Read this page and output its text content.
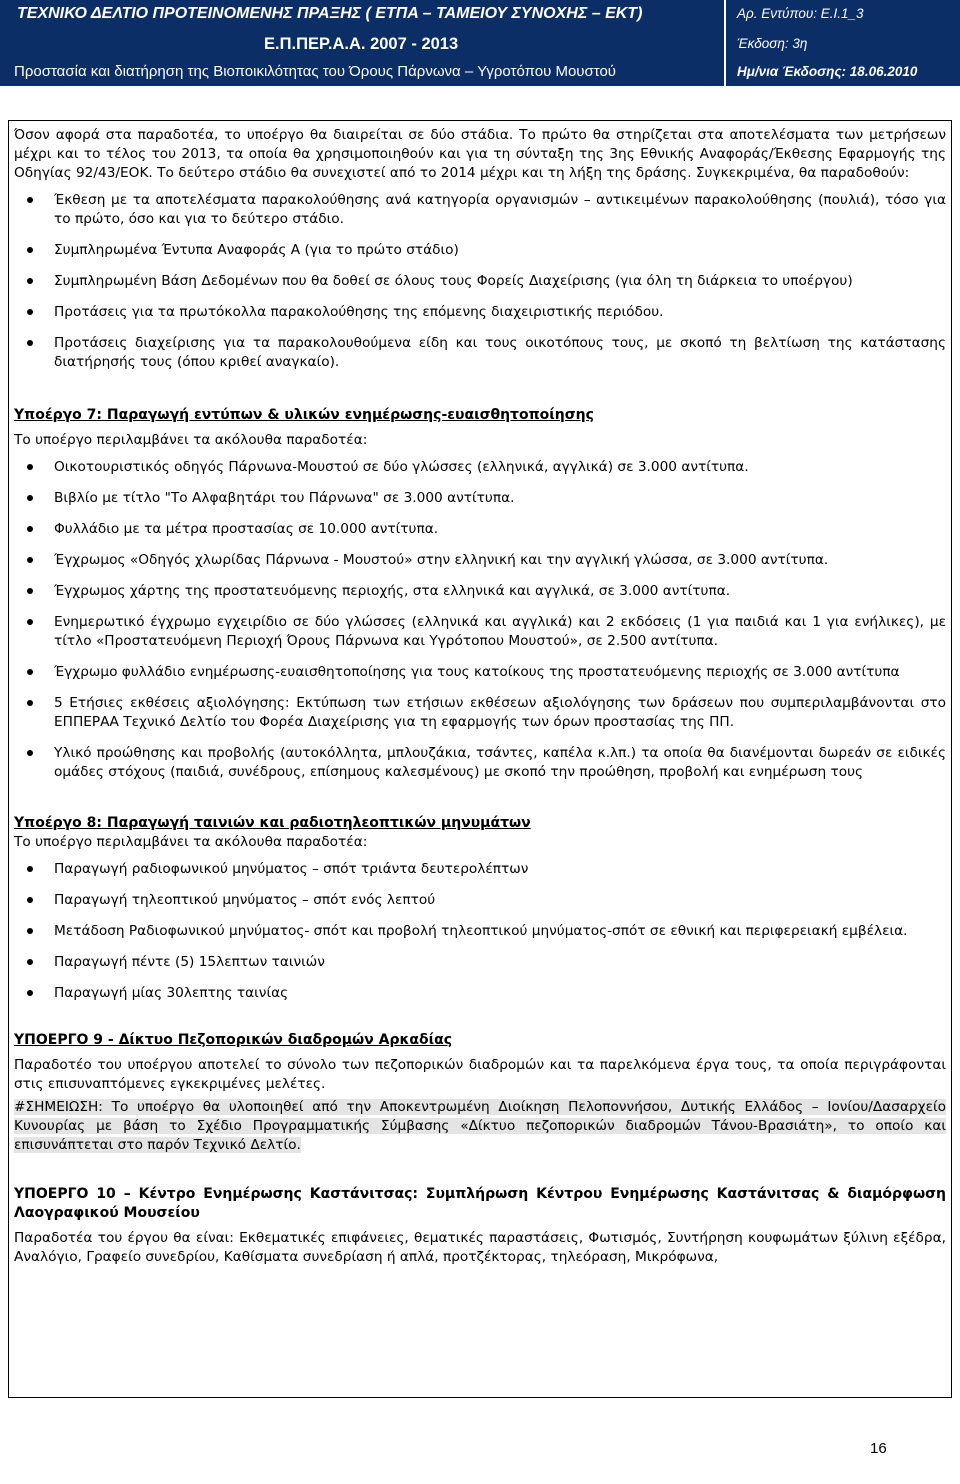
ΤΕΧΝΙΚΟ ΔΕΛΤΙΟ ΠΡΟΤΕΙΝΟΜΕΝΗΣ ΠΡΑΞΗΣ ( ΕΤΠΑ – ΤΑΜΕΙΟΥ ΣΥΝΟΧΗΣ – ΕΚΤ)	Αρ. Εντύπου: Ε.Ι.1_3
Ε.Π.ΠΕΡ.Α.Α. 2007 - 2013	Έκδοση: 3η
Προστασία και διατήρηση της Βιοποικιλότητας του Όρους Πάρνωνα – Υγροτόπου Μουστού	Ημ/νια Έκδοσης: 18.06.2010

Όσον αφορά στα παραδοτέα, το υποέργο θα διαιρείται σε δύο στάδια. Το πρώτο θα στηρίζεται στα αποτελέσματα των μετρήσεων μέχρι και το τέλος του 2013, τα οποία θα χρησιμοποιηθούν και για τη σύνταξη της 3ης Εθνικής Αναφοράς/Έκθεσης Εφαρμογής της Οδηγίας 92/43/ΕΟΚ. Το δεύτερο στάδιο θα συνεχιστεί από το 2014 μέχρι και τη λήξη της δράσης. Συγκεκριμένα, θα παραδοθούν:

Έκθεση με τα αποτελέσματα παρακολούθησης ανά κατηγορία οργανισμών – αντικειμένων παρακολούθησης (πουλιά), τόσο για το πρώτο, όσο και για το δεύτερο στάδιο.
Συμπληρωμένα Έντυπα Αναφοράς Α (για το πρώτο στάδιο)
Συμπληρωμένη Βάση Δεδομένων που θα δοθεί σε όλους τους Φορείς Διαχείρισης (για όλη τη διάρκεια το υποέργου)
Προτάσεις για τα πρωτόκολλα παρακολούθησης της επόμενης διαχειριστικής περιόδου.
Προτάσεις διαχείρισης για τα παρακολουθούμενα είδη και τους οικοτόπους τους, με σκοπό τη βελτίωση της κατάστασης διατήρησής τους (όπου κριθεί αναγκαίο).
Υποέργο 7: Παραγωγή εντύπων & υλικών ενημέρωσης-ευαισθητοποίησης

Το υποέργο περιλαμβάνει τα ακόλουθα παραδοτέα:

Οικοτουριστικός οδηγός Πάρνωνα-Μουστού σε δύο γλώσσες (ελληνικά, αγγλικά) σε 3.000 αντίτυπα.
Βιβλίο με τίτλο "Το Αλφαβητάρι του Πάρνωνα" σε 3.000 αντίτυπα.
Φυλλάδιο με τα μέτρα προστασίας σε 10.000 αντίτυπα.
Έγχρωμος «Οδηγός χλωρίδας Πάρνωνα - Μουστού» στην ελληνική και την αγγλική γλώσσα, σε 3.000 αντίτυπα.
Έγχρωμος χάρτης της προστατευόμενης περιοχής, στα ελληνικά και αγγλικά, σε 3.000 αντίτυπα.
Ενημερωτικό έγχρωμο εγχειρίδιο σε δύο γλώσσες (ελληνικά και αγγλικά) και 2 εκδόσεις (1 για παιδιά και 1 για ενήλικες), με τίτλο «Προστατευόμενη Περιοχή Όρους Πάρνωνα και Υγρότοπου Μουστού», σε 2.500 αντίτυπα.
Έγχρωμο φυλλάδιο ενημέρωσης-ευαισθητοποίησης για τους κατοίκους της προστατευόμενης περιοχής σε 3.000 αντίτυπα
5 Ετήσιες εκθέσεις αξιολόγησης: Εκτύπωση των ετήσιων εκθέσεων αξιολόγησης των δράσεων που συμπεριλαμβάνονται στο ΕΠΠΕΡΑΑ Τεχνικό Δελτίο του Φορέα Διαχείρισης για τη εφαρμογής των όρων προστασίας της ΠΠ.
Υλικό προώθησης και προβολής (αυτοκόλλητα, μπλουζάκια, τσάντες, καπέλα κ.λπ.) τα οποία θα διανέμονται δωρεάν σε ειδικές ομάδες στόχους (παιδιά, συνέδρους, επίσημους καλεσμένους) με σκοπό την προώθηση, προβολή και ενημέρωση τους
Υποέργο 8: Παραγωγή ταινιών και ραδιοτηλεοπτικών μηνυμάτων

Το υποέργο περιλαμβάνει τα ακόλουθα παραδοτέα:

Παραγωγή ραδιοφωνικού μηνύματος – σπότ τριάντα δευτερολέπτων
Παραγωγή τηλεοπτικού μηνύματος – σπότ ενός λεπτού
Μετάδοση Ραδιοφωνικού μηνύματος- σπότ και προβολή τηλεοπτικού μηνύματος-σπότ σε εθνική και περιφερειακή εμβέλεια.
Παραγωγή πέντε (5) 15λεπτων ταινιών
Παραγωγή μίας 30λεπτης ταινίας
ΥΠΟΕΡΓΟ 9 - Δίκτυο Πεζοπορικών διαδρομών Αρκαδίας

Παραδοτέο του υποέργου αποτελεί το σύνολο των πεζοπορικών διαδρομών και τα παρελκόμενα έργα τους, τα οποία περιγράφονται στις επισυναπτόμενες εγκεκριμένες μελέτες.

#ΣΗΜΕΙΩΣΗ: Το υποέργο θα υλοποιηθεί από την Αποκεντρωμένη Διοίκηση Πελοποννήσου, Δυτικής Ελλάδος – Ιονίου/Δασαρχείο Κυνουρίας με βάση το Σχέδιο Προγραμματικής Σύμβασης «Δίκτυο πεζοπορικών διαδρομών Τάνου-Βρασιάτη», το οποίο και επισυνάπτεται στο παρόν Τεχνικό Δελτίο.

ΥΠΟΕΡΓΟ 10 – Κέντρο Ενημέρωσης Καστάνιτσας: Συμπλήρωση Κέντρου Ενημέρωσης Καστάνιτσας & διαμόρφωση Λαογραφικού Μουσείου

Παραδοτέα του έργου θα είναι: Εκθεματικές επιφάνειες, θεματικές παραστάσεις, Φωτισμός, Συντήρηση κουφωμάτων ξύλινη εξέδρα, Αναλόγιο, Γραφείο συνεδρίου, Καθίσματα συνεδρίαση ή απλά, προτζέκτορας, τηλεόραση, Μικρόφωνα,

16
